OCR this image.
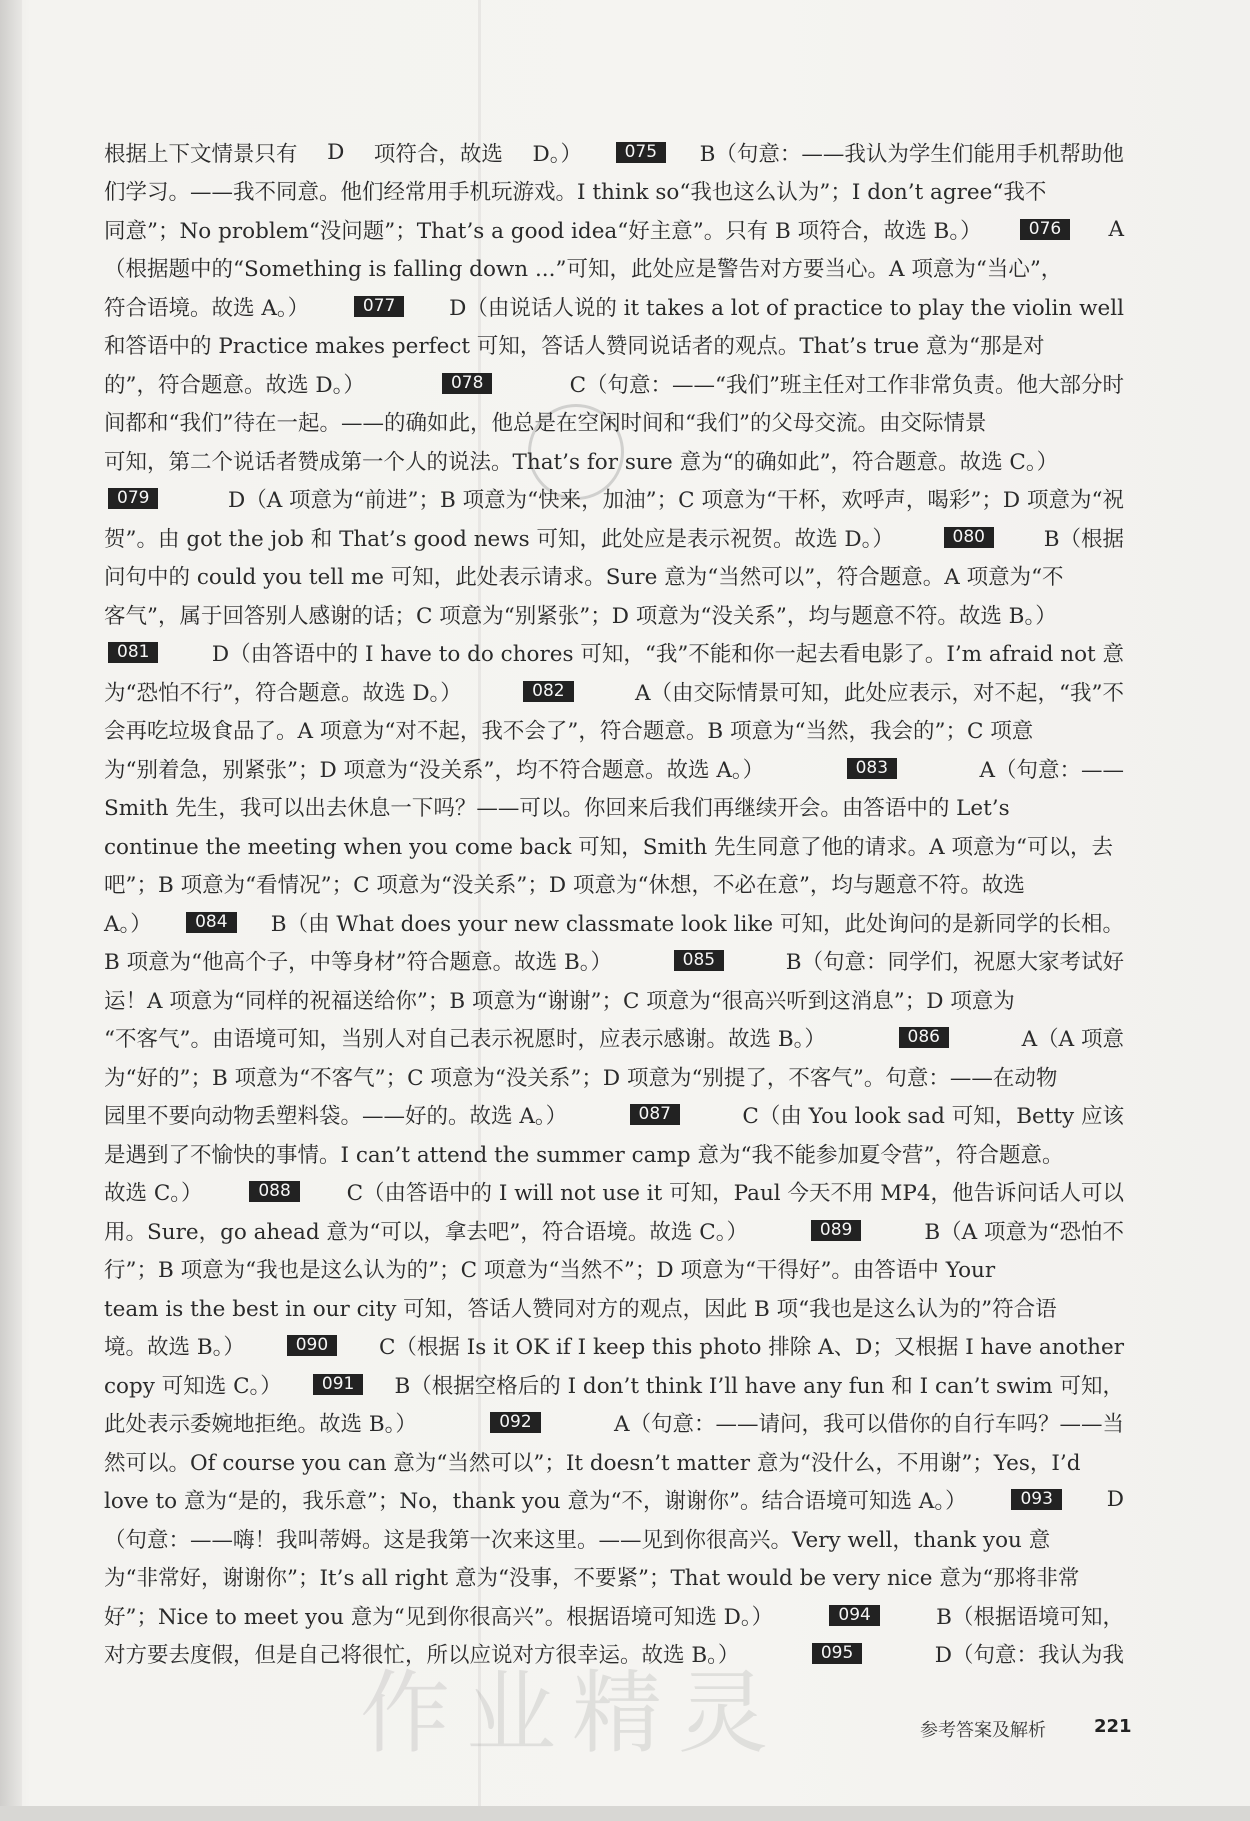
根据上下文情景只有 D 项符合，故选 D。）	075	B（句意：——我认为学生们能用手机帮助他
们学习。——我不同意。他们经常用手机玩游戏。I think so“我也这么认为”；I don’t agree“我不
同意”；No problem“没问题”；That’s a good idea“好主意”。只有 B 项符合，故选 B。）	076	A
（根据题中的“Something is falling down ...”可知，此处应是警告对方要当心。A 项意为“当心”，
符合语境。故选 A。）	077	D（由说话人说的 it takes a lot of practice to play the violin well
和答语中的 Practice makes perfect 可知，答话人赞同说话者的观点。That’s true 意为“那是对
的”，符合题意。故选 D。）	078	C（句意：——“我们”班主任对工作非常负责。他大部分时
间都和“我们”待在一起。——的确如此，他总是在空闲时间和“我们”的父母交流。由交际情景
可知，第二个说话者赞成第一个人的说法。That’s for sure 意为“的确如此”，符合题意。故选 C。）
079	D（A 项意为“前进”；B 项意为“快来，加油”；C 项意为“干杯，欢呼声，喝彩”；D 项意为“祝
贺”。由 got the job 和 That’s good news 可知，此处应是表示祝贺。故选 D。）	080	B（根据
问句中的 could you tell me 可知，此处表示请求。Sure 意为“当然可以”，符合题意。A 项意为“不
客气”，属于回答别人感谢的话；C 项意为“别紧张”；D 项意为“没关系”，均与题意不符。故选 B。）
081	D（由答语中的 I have to do chores 可知，“我”不能和你一起去看电影了。I’m afraid not 意
为“恐怕不行”，符合题意。故选 D。）	082	A（由交际情景可知，此处应表示，对不起，“我”不
会再吃垃圾食品了。A 项意为“对不起，我不会了”，符合题意。B 项意为“当然，我会的”；C 项意
为“别着急，别紧张”；D 项意为“没关系”，均不符合题意。故选 A。）	083	A（句意：——
Smith 先生，我可以出去休息一下吗？——可以。你回来后我们再继续开会。由答语中的 Let’s
continue the meeting when you come back 可知，Smith 先生同意了他的请求。A 项意为“可以，去
吧”；B 项意为“看情况”；C 项意为“没关系”；D 项意为“休想，不必在意”，均与题意不符。故选
A。）	084	B（由 What does your new classmate look like 可知，此处询问的是新同学的长相。
B 项意为“他高个子，中等身材”符合题意。故选 B。）	085	B（句意：同学们，祝愿大家考试好
运！A 项意为“同样的祝福送给你”；B 项意为“谢谢”；C 项意为“很高兴听到这消息”；D 项意为
“不客气”。由语境可知，当别人对自己表示祝愿时，应表示感谢。故选 B。）	086	A（A 项意
为“好的”；B 项意为“不客气”；C 项意为“没关系”；D 项意为“别提了，不客气”。句意：——在动物
园里不要向动物丢塑料袋。——好的。故选 A。）	087	C（由 You look sad 可知，Betty 应该
是遇到了不愉快的事情。I can’t attend the summer camp 意为“我不能参加夏令营”，符合题意。
故选 C。）	088	C（由答语中的 I will not use it 可知，Paul 今天不用 MP4，他告诉问话人可以
用。Sure，go ahead 意为“可以，拿去吧”，符合语境。故选 C。）	089	B（A 项意为“恐怕不
行”；B 项意为“我也是这么认为的”；C 项意为“当然不”；D 项意为“干得好”。由答语中 Your
team is the best in our city 可知，答话人赞同对方的观点，因此 B 项“我也是这么认为的”符合语
境。故选 B。）	090	C（根据 Is it OK if I keep this photo 排除 A、D；又根据 I have another
copy 可知选 C。）	091	B（根据空格后的 I don’t think I’ll have any fun 和 I can’t swim 可知，
此处表示委婉地拒绝。故选 B。）	092	A（句意：——请问，我可以借你的自行车吗？——当
然可以。Of course you can 意为“当然可以”；It doesn’t matter 意为“没什么，不用谢”；Yes，I’d
love to 意为“是的，我乐意”；No，thank you 意为“不，谢谢你”。结合语境可知选 A。）	093	D
（句意：——嗨！我叫蒂姆。这是我第一次来这里。——见到你很高兴。Very well，thank you 意
为“非常好，谢谢你”；It’s all right 意为“没事，不要紧”；That would be very nice 意为“那将非常
好”；Nice to meet you 意为“见到你很高兴”。根据语境可知选 D。）	094	B（根据语境可知，
对方要去度假，但是自己将很忙，所以应说对方很幸运。故选 B。）	095	D（句意：我认为我
作业精灵	参考答案及解析	221
